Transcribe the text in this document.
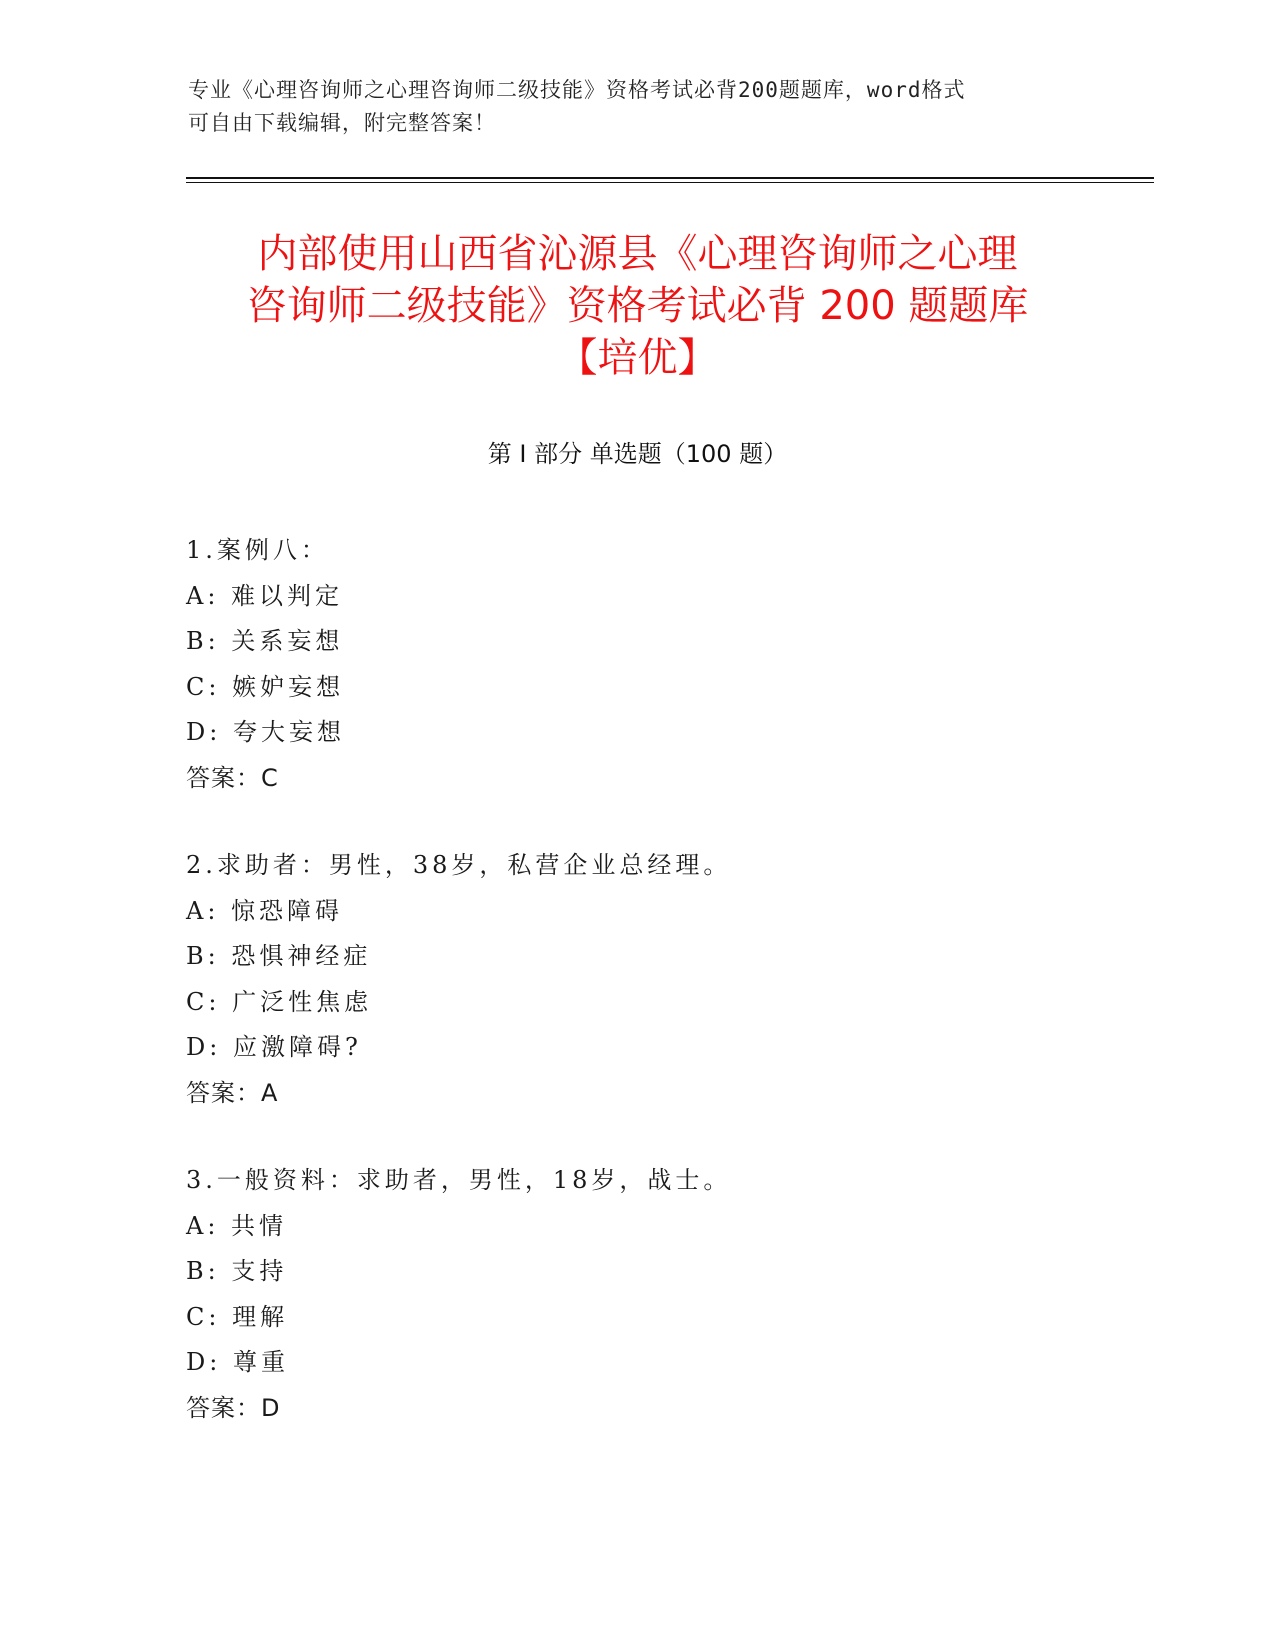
专业《心理咨询师之心理咨询师二级技能》资格考试必背200题题库，word格式
可自由下载编辑，附完整答案！
内部使用山西省沁源县《心理咨询师之心理
咨询师二级技能》资格考试必背 200 题题库
【培优】
第 I 部分 单选题（100 题）
1.案例八：
A: 难以判定
B: 关系妄想
C: 嫉妒妄想
D: 夸大妄想
答案：C
2.求助者：男性，38岁，私营企业总经理。
A: 惊恐障碍
B: 恐惧神经症
C: 广泛性焦虑
D: 应激障碍?
答案：A
3.一般资料：求助者，男性，18岁，战士。
A: 共情
B: 支持
C: 理解
D: 尊重
答案：D
